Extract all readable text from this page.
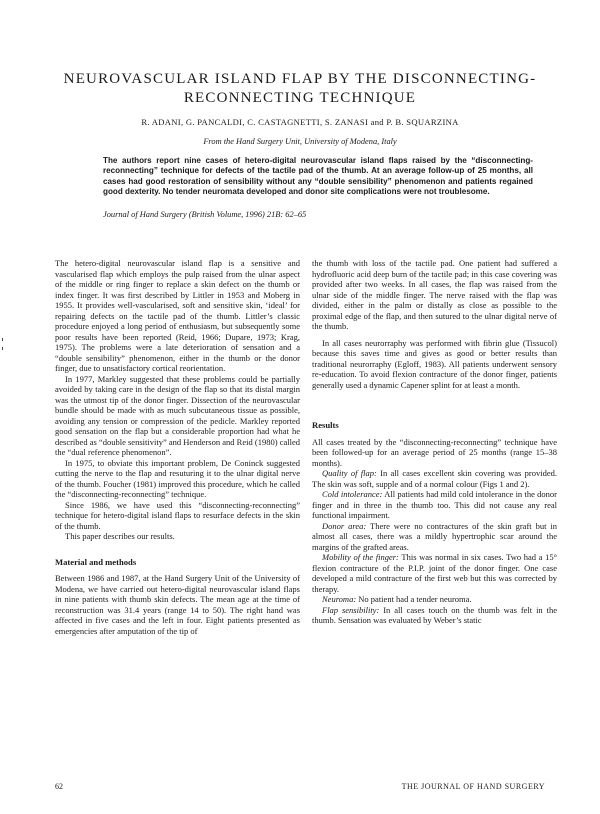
NEUROVASCULAR ISLAND FLAP BY THE DISCONNECTING-
RECONNECTING TECHNIQUE
R. ADANI, G. PANCALDI, C. CASTAGNETTI, S. ZANASI and P. B. SQUARZINA
From the Hand Surgery Unit, University of Modena, Italy
The authors report nine cases of hetero-digital neurovascular island flaps raised by the “disconnecting-reconnecting” technique for defects of the tactile pad of the thumb. At an average follow-up of 25 months, all cases had good restoration of sensibility without any “double sensibility” phenomenon and patients regained good dexterity. No tender neuromata developed and donor site complications were not troublesome.
Journal of Hand Surgery (British Volume, 1996) 21B: 62–65

The hetero-digital neurovascular island flap is a sensitive and vascularised flap which employs the pulp raised from the ulnar aspect of the middle or ring finger to replace a skin defect on the thumb or index finger. It was first described by Littler in 1953 and Moberg in 1955. It provides well-vascularised, soft and sensitive skin, ‘ideal’ for repairing defects on the tactile pad of the thumb. Littler’s classic procedure enjoyed a long period of enthusiasm, but subsequently some poor results have been reported (Reid, 1966; Dupare, 1973; Krag, 1975). The problems were a late deterioration of sensation and a “double sensibility” phenomenon, either in the thumb or the donor finger, due to unsatisfactory cortical reorientation.

In 1977, Markley suggested that these problems could be partially avoided by taking care in the design of the flap so that its distal margin was the utmost tip of the donor finger. Dissection of the neurovascular bundle should be made with as much subcutaneous tissue as possible, avoiding any tension or compression of the pedicle. Markley reported good sensation on the flap but a considerable proportion had what he described as “double sensitivity” and Henderson and Reid (1980) called the “dual reference phenomenon”.

In 1975, to obviate this important problem, De Coninck suggested cutting the nerve to the flap and resuturing it to the ulnar digital nerve of the thumb. Foucher (1981) improved this procedure, which he called the “disconnecting-reconnecting” technique.

Since 1986, we have used this “disconnecting-reconnecting” technique for hetero-digital island flaps to resurface defects in the skin of the thumb.

This paper describes our results.

Material and methods

Between 1986 and 1987, at the Hand Surgery Unit of the University of Modena, we have carried out hetero-digital neurovascular island flaps in nine patients with thumb skin defects. The mean age at the time of reconstruction was 31.4 years (range 14 to 50). The right hand was affected in five cases and the left in four. Eight patients presented as emergencies after amputation of the tip of

the thumb with loss of the tactile pad. One patient had suffered a hydrofluoric acid deep burn of the tactile pad; in this case covering was provided after two weeks. In all cases, the flap was raised from the ulnar side of the middle finger. The nerve raised with the flap was divided, either in the palm or distally as close as possible to the proximal edge of the flap, and then sutured to the ulnar digital nerve of the thumb.

In all cases neurorraphy was performed with fibrin glue (Tissucol) because this saves time and gives as good or better results than traditional neurorraphy (Egloff, 1983). All patients underwent sensory re-education. To avoid flexion contracture of the donor finger, patients generally used a dynamic Capener splint for at least a month.

Results

All cases treated by the “disconnecting-reconnecting” technique have been followed-up for an average period of 25 months (range 15–38 months).

Quality of flap: In all cases excellent skin covering was provided. The skin was soft, supple and of a normal colour (Figs 1 and 2).

Cold intolerance: All patients had mild cold intolerance in the donor finger and in three in the thumb too. This did not cause any real functional impairment.

Donor area: There were no contractures of the skin graft but in almost all cases, there was a mildly hypertrophic scar around the margins of the grafted areas.

Mobility of the finger: This was normal in six cases. Two had a 15° flexion contracture of the P.I.P. joint of the donor finger. One case developed a mild contracture of the first web but this was corrected by therapy.

Neuroma: No patient had a tender neuroma.

Flap sensibility: In all cases touch on the thumb was felt in the thumb. Sensation was evaluated by Weber’s static

62	THE JOURNAL OF HAND SURGERY
